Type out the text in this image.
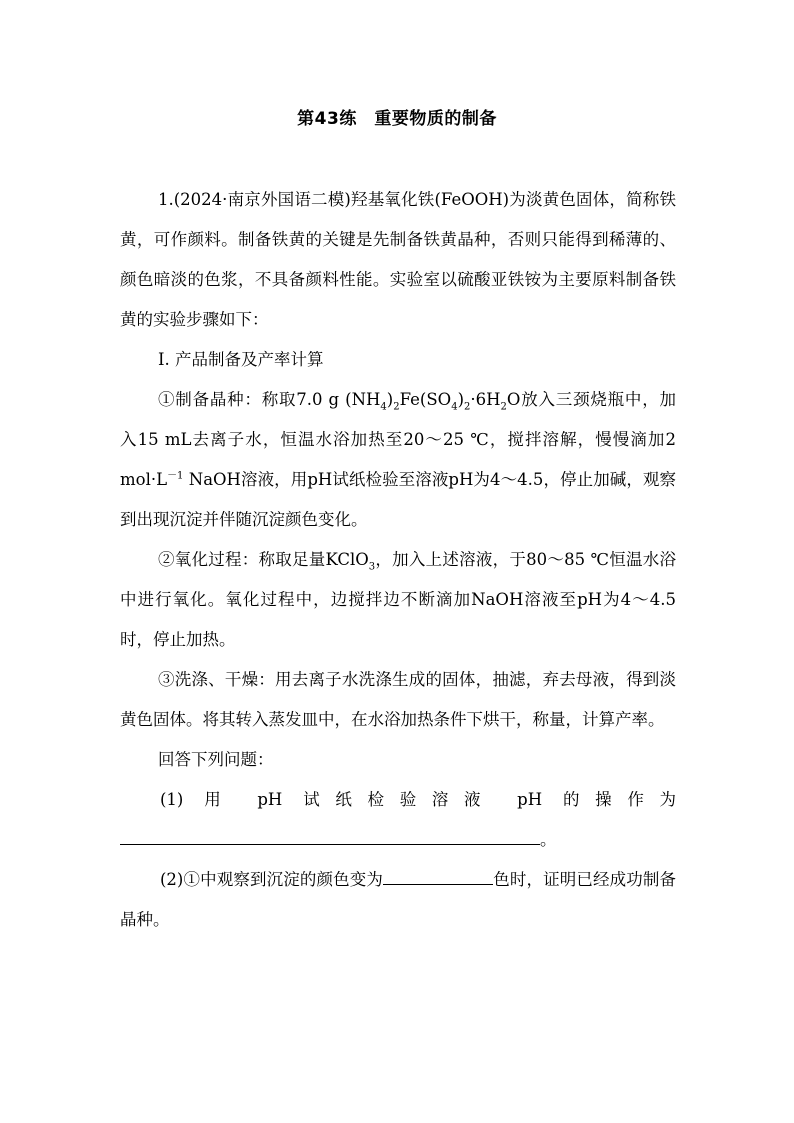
第43练　重要物质的制备

1.(2024·南京外国语二模)羟基氧化铁(FeOOH)为淡黄色固体，简称铁黄，可作颜料。制备铁黄的关键是先制备铁黄晶种，否则只能得到稀薄的、颜色暗淡的色浆，不具备颜料性能。实验室以硫酸亚铁铵为主要原料制备铁黄的实验步骤如下：

Ⅰ. 产品制备及产率计算

①制备晶种：称取7.0 g $(NH_4)_2Fe(SO_4)_2\cdot 6H_2O$放入三颈烧瓶中，加入15 mL去离子水，恒温水浴加热至20～25 ℃，搅拌溶解，慢慢滴加2 $mol\cdot L^{-1}$ NaOH溶液，用pH试纸检验至溶液pH为4～4.5，停止加碱，观察到出现沉淀并伴随沉淀颜色变化。

②氧化过程：称取足量KClO$_3$，加入上述溶液，于80～85 ℃恒温水浴中进行氧化。氧化过程中，边搅拌边不断滴加NaOH溶液至pH为4～4.5时，停止加热。

③洗涤、干燥：用去离子水洗涤生成的固体，抽滤，弃去母液，得到淡黄色固体。将其转入蒸发皿中，在水浴加热条件下烘干，称量，计算产率。

回答下列问题：

(1) 用 pH 试纸检验溶液 pH 的操作为

。

(2)①中观察到沉淀的颜色变为	色时，证明已经成功制备晶种。
